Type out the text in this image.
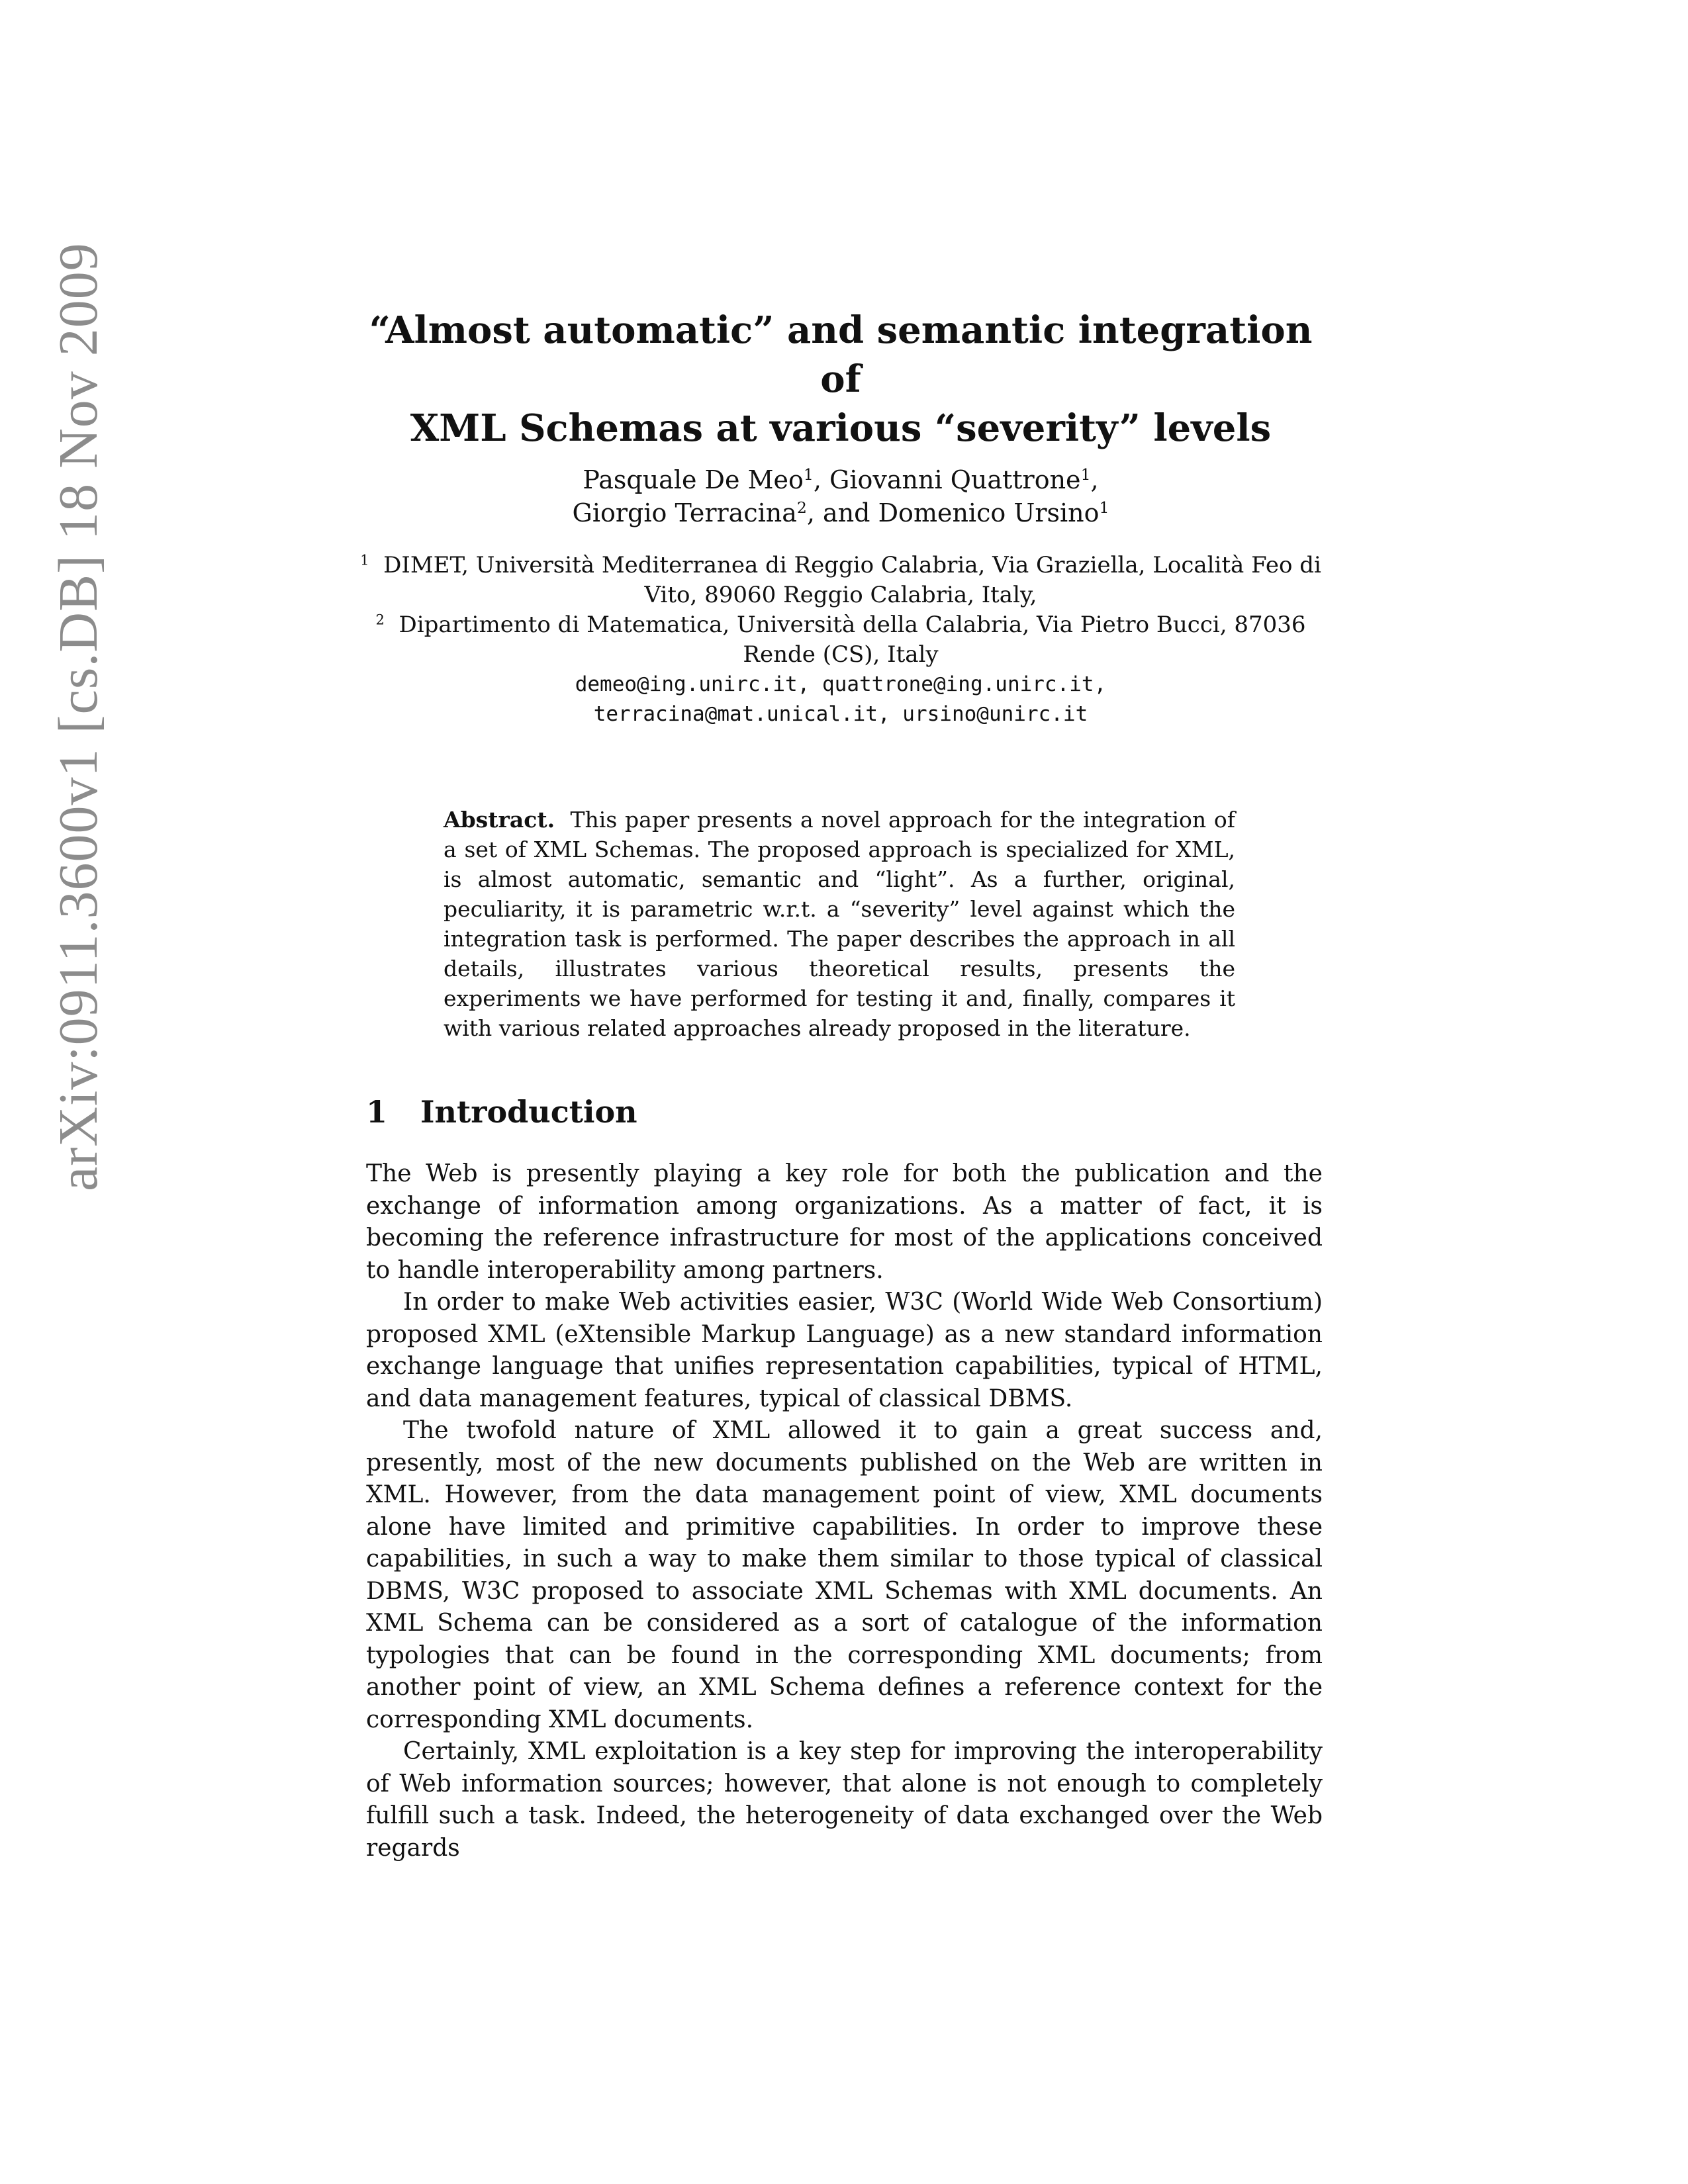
arXiv:0911.3600v1 [cs.DB] 18 Nov 2009	“Almost automatic” and semantic integration of
XML Schemas at various “severity” levels
Pasquale De Meo$^1$, Giovanni Quattrone$^1$,
Giorgio Terracina$^2$, and Domenico Ursino$^1$
$^1$ DIMET, Università Mediterranea di Reggio Calabria, Via Graziella, Località Feo di
Vito, 89060 Reggio Calabria, Italy,
$^2$ Dipartimento di Matematica, Università della Calabria, Via Pietro Bucci, 87036
Rende (CS), Italy
demeo@ing.unirc.it, quattrone@ing.unirc.it,
terracina@mat.unical.it, ursino@unirc.it
Abstract. This paper presents a novel approach for the integration of a set of XML Schemas. The proposed approach is specialized for XML, is almost automatic, semantic and “light”. As a further, original, peculiarity, it is parametric w.r.t. a “severity” level against which the integration task is performed. The paper describes the approach in all details, illustrates various theoretical results, presents the experiments we have performed for testing it and, finally, compares it with various related approaches already proposed in the literature.
1 Introduction

The Web is presently playing a key role for both the publication and the exchange of information among organizations. As a matter of fact, it is becoming the reference infrastructure for most of the applications conceived to handle interoperability among partners.

In order to make Web activities easier, W3C (World Wide Web Consortium) proposed XML (eXtensible Markup Language) as a new standard information exchange language that unifies representation capabilities, typical of HTML, and data management features, typical of classical DBMS.

The twofold nature of XML allowed it to gain a great success and, presently, most of the new documents published on the Web are written in XML. However, from the data management point of view, XML documents alone have limited and primitive capabilities. In order to improve these capabilities, in such a way to make them similar to those typical of classical DBMS, W3C proposed to associate XML Schemas with XML documents. An XML Schema can be considered as a sort of catalogue of the information typologies that can be found in the corresponding XML documents; from another point of view, an XML Schema defines a reference context for the corresponding XML documents.

Certainly, XML exploitation is a key step for improving the interoperability of Web information sources; however, that alone is not enough to completely fulfill such a task. Indeed, the heterogeneity of data exchanged over the Web regards
